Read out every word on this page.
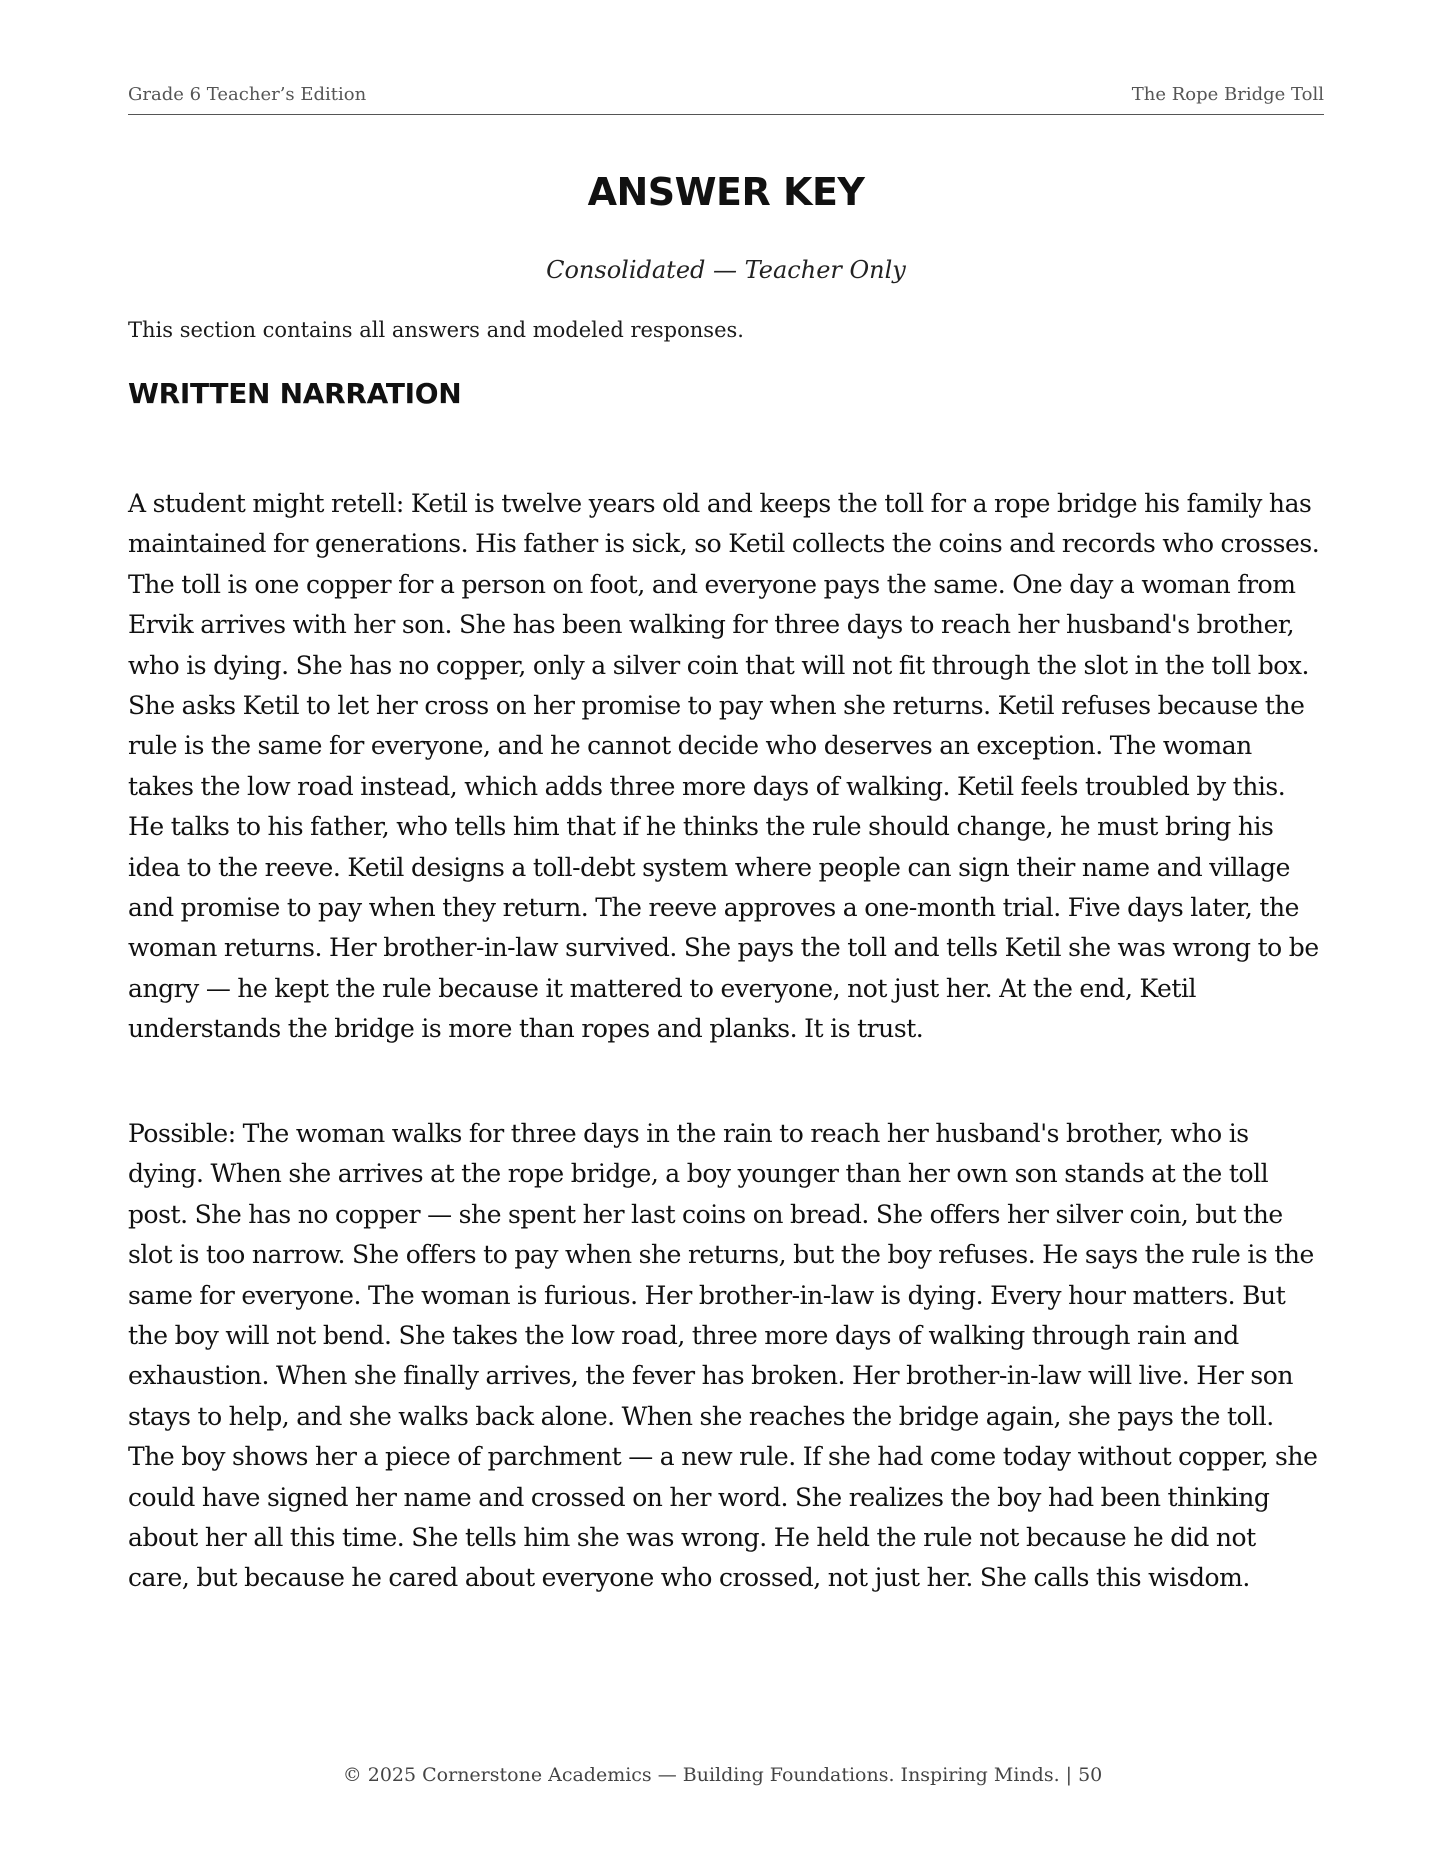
Grade 6 Teacher’s Edition	The Rope Bridge Toll
ANSWER KEY
Consolidated — Teacher Only
This section contains all answers and modeled responses.
WRITTEN NARRATION

A student might retell: Ketil is twelve years old and keeps the toll for a rope bridge his family has maintained for generations. His father is sick, so Ketil collects the coins and records who crosses. The toll is one copper for a person on foot, and everyone pays the same. One day a woman from Ervik arrives with her son. She has been walking for three days to reach her husband's brother, who is dying. She has no copper, only a silver coin that will not fit through the slot in the toll box. She asks Ketil to let her cross on her promise to pay when she returns. Ketil refuses because the rule is the same for everyone, and he cannot decide who deserves an exception. The woman takes the low road instead, which adds three more days of walking. Ketil feels troubled by this. He talks to his father, who tells him that if he thinks the rule should change, he must bring his idea to the reeve. Ketil designs a toll-debt system where people can sign their name and village and promise to pay when they return. The reeve approves a one-month trial. Five days later, the woman returns. Her brother-in-law survived. She pays the toll and tells Ketil she was wrong to be angry — he kept the rule because it mattered to everyone, not just her. At the end, Ketil understands the bridge is more than ropes and planks. It is trust.

Possible: The woman walks for three days in the rain to reach her husband's brother, who is dying. When she arrives at the rope bridge, a boy younger than her own son stands at the toll post. She has no copper — she spent her last coins on bread. She offers her silver coin, but the slot is too narrow. She offers to pay when she returns, but the boy refuses. He says the rule is the same for everyone. The woman is furious. Her brother-in-law is dying. Every hour matters. But the boy will not bend. She takes the low road, three more days of walking through rain and exhaustion. When she finally arrives, the fever has broken. Her brother-in-law will live. Her son stays to help, and she walks back alone. When she reaches the bridge again, she pays the toll. The boy shows her a piece of parchment — a new rule. If she had come today without copper, she could have signed her name and crossed on her word. She realizes the boy had been thinking about her all this time. She tells him she was wrong. He held the rule not because he did not care, but because he cared about everyone who crossed, not just her. She calls this wisdom.

© 2025 Cornerstone Academics — Building Foundations. Inspiring Minds. | 50
